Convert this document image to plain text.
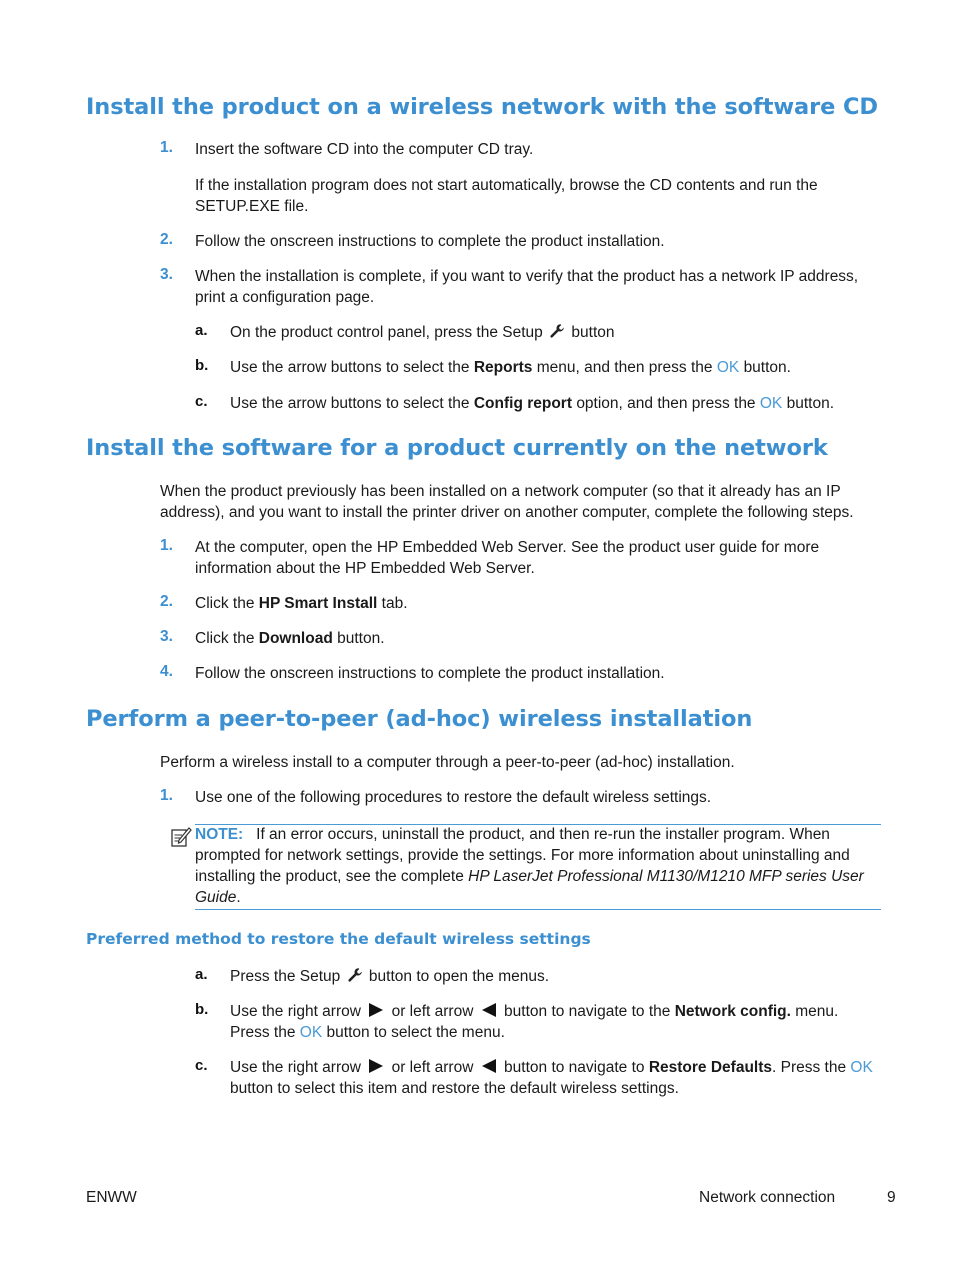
Install the product on a wireless network with the software CD
1.	Insert the software CD into the computer CD tray.
If the installation program does not start automatically, browse the CD contents and run the SETUP.EXE file.
2.	Follow the onscreen instructions to complete the product installation.
3.	When the installation is complete, if you want to verify that the product has a network IP address, print a configuration page.
a.	On the product control panel, press the Setup button
b.	Use the arrow buttons to select the Reports menu, and then press the OK button.
c.	Use the arrow buttons to select the Config report option, and then press the OK button.
Install the software for a product currently on the network
When the product previously has been installed on a network computer (so that it already has an IP address), and you want to install the printer driver on another computer, complete the following steps.
1.	At the computer, open the HP Embedded Web Server. See the product user guide for more information about the HP Embedded Web Server.
2.	Click the HP Smart Install tab.
3.	Click the Download button.
4.	Follow the onscreen instructions to complete the product installation.
Perform a peer-to-peer (ad-hoc) wireless installation
Perform a wireless install to a computer through a peer-to-peer (ad-hoc) installation.
1.	Use one of the following procedures to restore the default wireless settings.
NOTE: If an error occurs, uninstall the product, and then re-run the installer program. When prompted for network settings, provide the settings. For more information about uninstalling and installing the product, see the complete HP LaserJet Professional M1130/M1210 MFP series User Guide.
Preferred method to restore the default wireless settings
a.	Press the Setup button to open the menus.
b.	Use the right arrow or left arrow button to navigate to the Network config. menu. Press the OK button to select the menu.
c.	Use the right arrow or left arrow button to navigate to Restore Defaults. Press the OK button to select this item and restore the default wireless settings.
ENWW	Network connection	9
